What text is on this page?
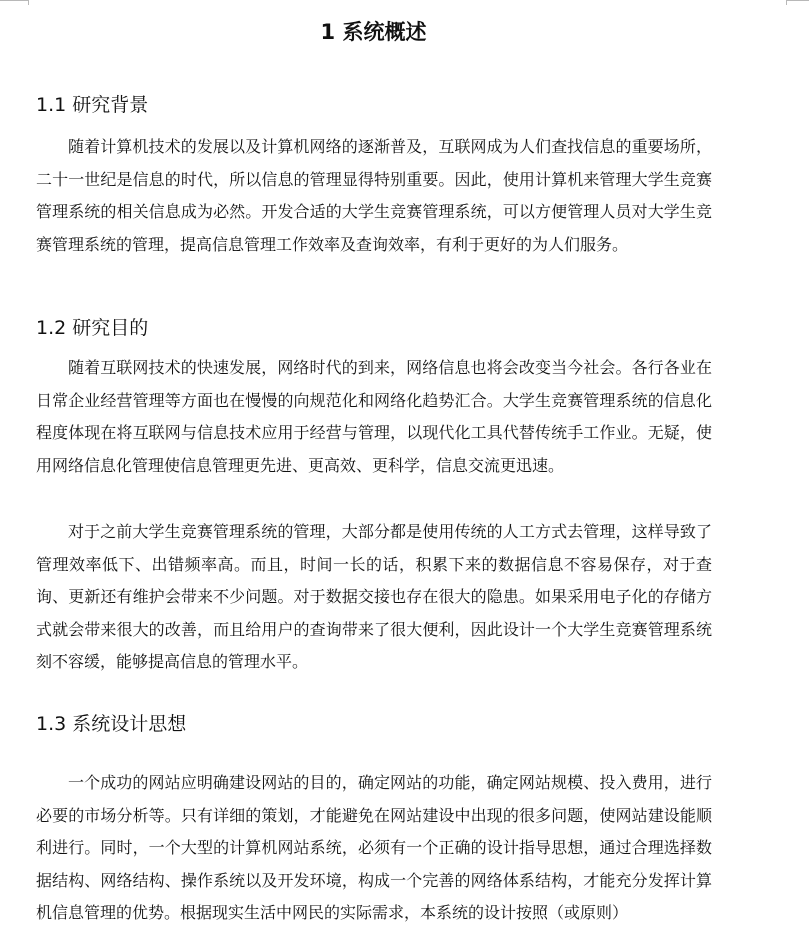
1 系统概述
1.1 研究背景

随着计算机技术的发展以及计算机网络的逐渐普及，互联网成为人们查找信息的重要场所，二十一世纪是信息的时代，所以信息的管理显得特别重要。因此，使用计算机来管理大学生竞赛管理系统的相关信息成为必然。开发合适的大学生竞赛管理系统，可以方便管理人员对大学生竞赛管理系统的管理，提高信息管理工作效率及查询效率，有利于更好的为人们服务。

1.2 研究目的

随着互联网技术的快速发展，网络时代的到来，网络信息也将会改变当今社会。各行各业在日常企业经营管理等方面也在慢慢的向规范化和网络化趋势汇合。大学生竞赛管理系统的信息化程度体现在将互联网与信息技术应用于经营与管理，以现代化工具代替传统手工作业。无疑，使用网络信息化管理使信息管理更先进、更高效、更科学，信息交流更迅速。

对于之前大学生竞赛管理系统的管理，大部分都是使用传统的人工方式去管理，这样导致了管理效率低下、出错频率高。而且，时间一长的话，积累下来的数据信息不容易保存，对于查询、更新还有维护会带来不少问题。对于数据交接也存在很大的隐患。如果采用电子化的存储方式就会带来很大的改善，而且给用户的查询带来了很大便利，因此设计一个大学生竞赛管理系统刻不容缓，能够提高信息的管理水平。

1.3 系统设计思想

一个成功的网站应明确建设网站的目的，确定网站的功能，确定网站规模、投入费用，进行必要的市场分析等。只有详细的策划，才能避免在网站建设中出现的很多问题，使网站建设能顺利进行。同时，一个大型的计算机网站系统，必须有一个正确的设计指导思想，通过合理选择数据结构、网络结构、操作系统以及开发环境，构成一个完善的网络体系结构，才能充分发挥计算机信息管理的优势。根据现实生活中网民的实际需求，本系统的设计按照（或原则）
